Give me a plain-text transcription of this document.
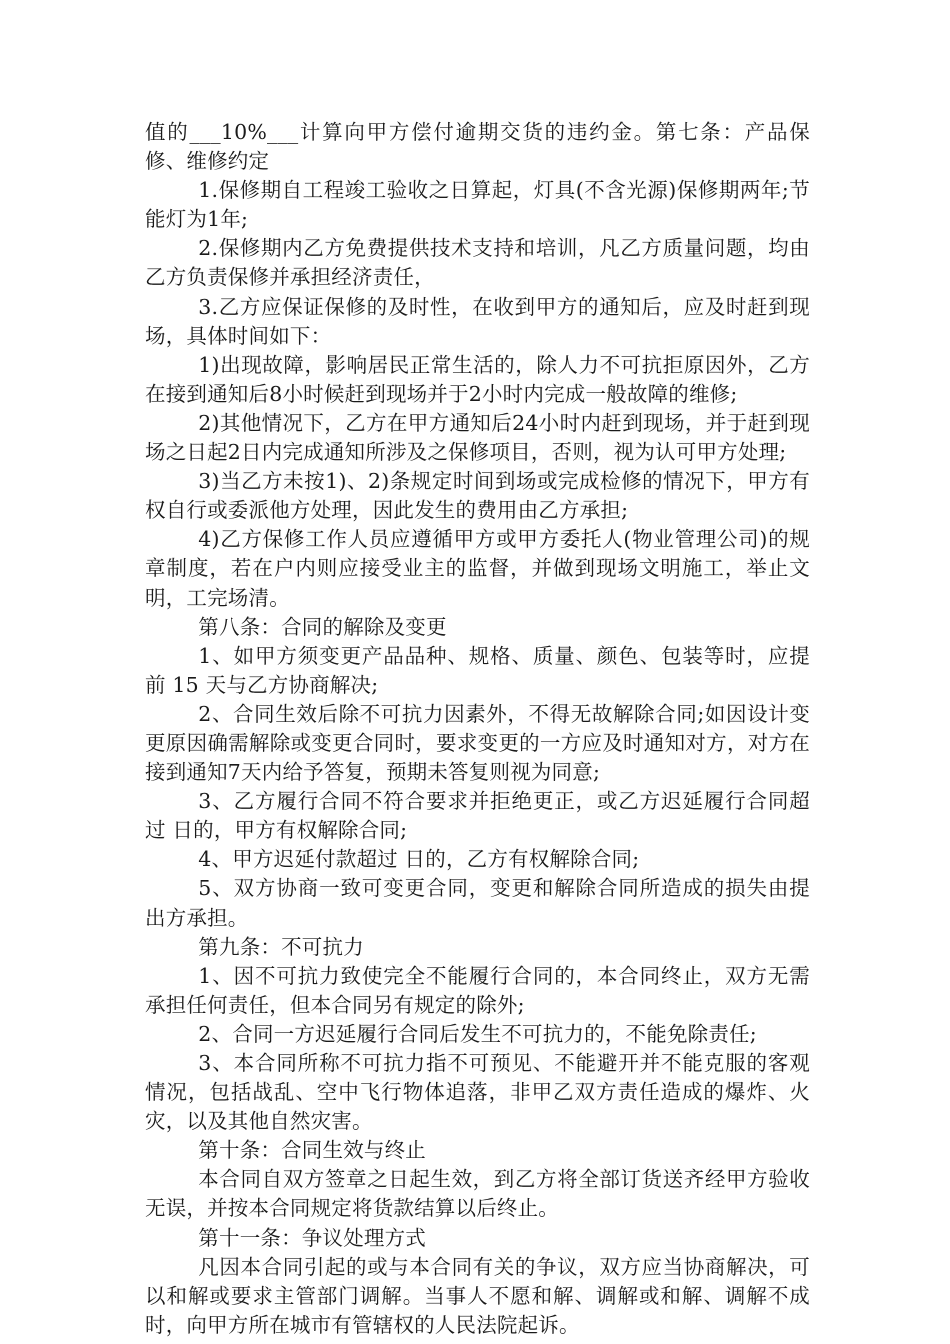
值的___10%___计算向甲方偿付逾期交货的违约金。第七条：产品保修、维修约定

1.保修期自工程竣工验收之日算起，灯具(不含光源)保修期两年;节能灯为1年;

2.保修期内乙方免费提供技术支持和培训，凡乙方质量问题，均由乙方负责保修并承担经济责任，

3.乙方应保证保修的及时性，在收到甲方的通知后，应及时赶到现场，具体时间如下：

1)出现故障，影响居民正常生活的，除人力不可抗拒原因外，乙方在接到通知后8小时候赶到现场并于2小时内完成一般故障的维修;

2)其他情况下，乙方在甲方通知后24小时内赶到现场，并于赶到现场之日起2日内完成通知所涉及之保修项目，否则，视为认可甲方处理;

3)当乙方未按1)、2)条规定时间到场或完成检修的情况下，甲方有权自行或委派他方处理，因此发生的费用由乙方承担;

4)乙方保修工作人员应遵循甲方或甲方委托人(物业管理公司)的规章制度，若在户内则应接受业主的监督，并做到现场文明施工，举止文明，工完场清。

第八条：合同的解除及变更

1、如甲方须变更产品品种、规格、质量、颜色、包装等时，应提前 15 天与乙方协商解决;

2、合同生效后除不可抗力因素外，不得无故解除合同;如因设计变更原因确需解除或变更合同时，要求变更的一方应及时通知对方，对方在接到通知7天内给予答复，预期未答复则视为同意;

3、乙方履行合同不符合要求并拒绝更正，或乙方迟延履行合同超过 日的，甲方有权解除合同;

4、甲方迟延付款超过 日的，乙方有权解除合同;

5、双方协商一致可变更合同，变更和解除合同所造成的损失由提出方承担。

第九条：不可抗力

1、因不可抗力致使完全不能履行合同的，本合同终止，双方无需承担任何责任，但本合同另有规定的除外;

2、合同一方迟延履行合同后发生不可抗力的，不能免除责任;

3、本合同所称不可抗力指不可预见、不能避开并不能克服的客观情况，包括战乱、空中飞行物体追落，非甲乙双方责任造成的爆炸、火灾，以及其他自然灾害。

第十条：合同生效与终止

本合同自双方签章之日起生效，到乙方将全部订货送齐经甲方验收无误，并按本合同规定将货款结算以后终止。

第十一条：争议处理方式

凡因本合同引起的或与本合同有关的争议，双方应当协商解决，可以和解或要求主管部门调解。当事人不愿和解、调解或和解、调解不成时，向甲方所在城市有管辖权的人民法院起诉。
